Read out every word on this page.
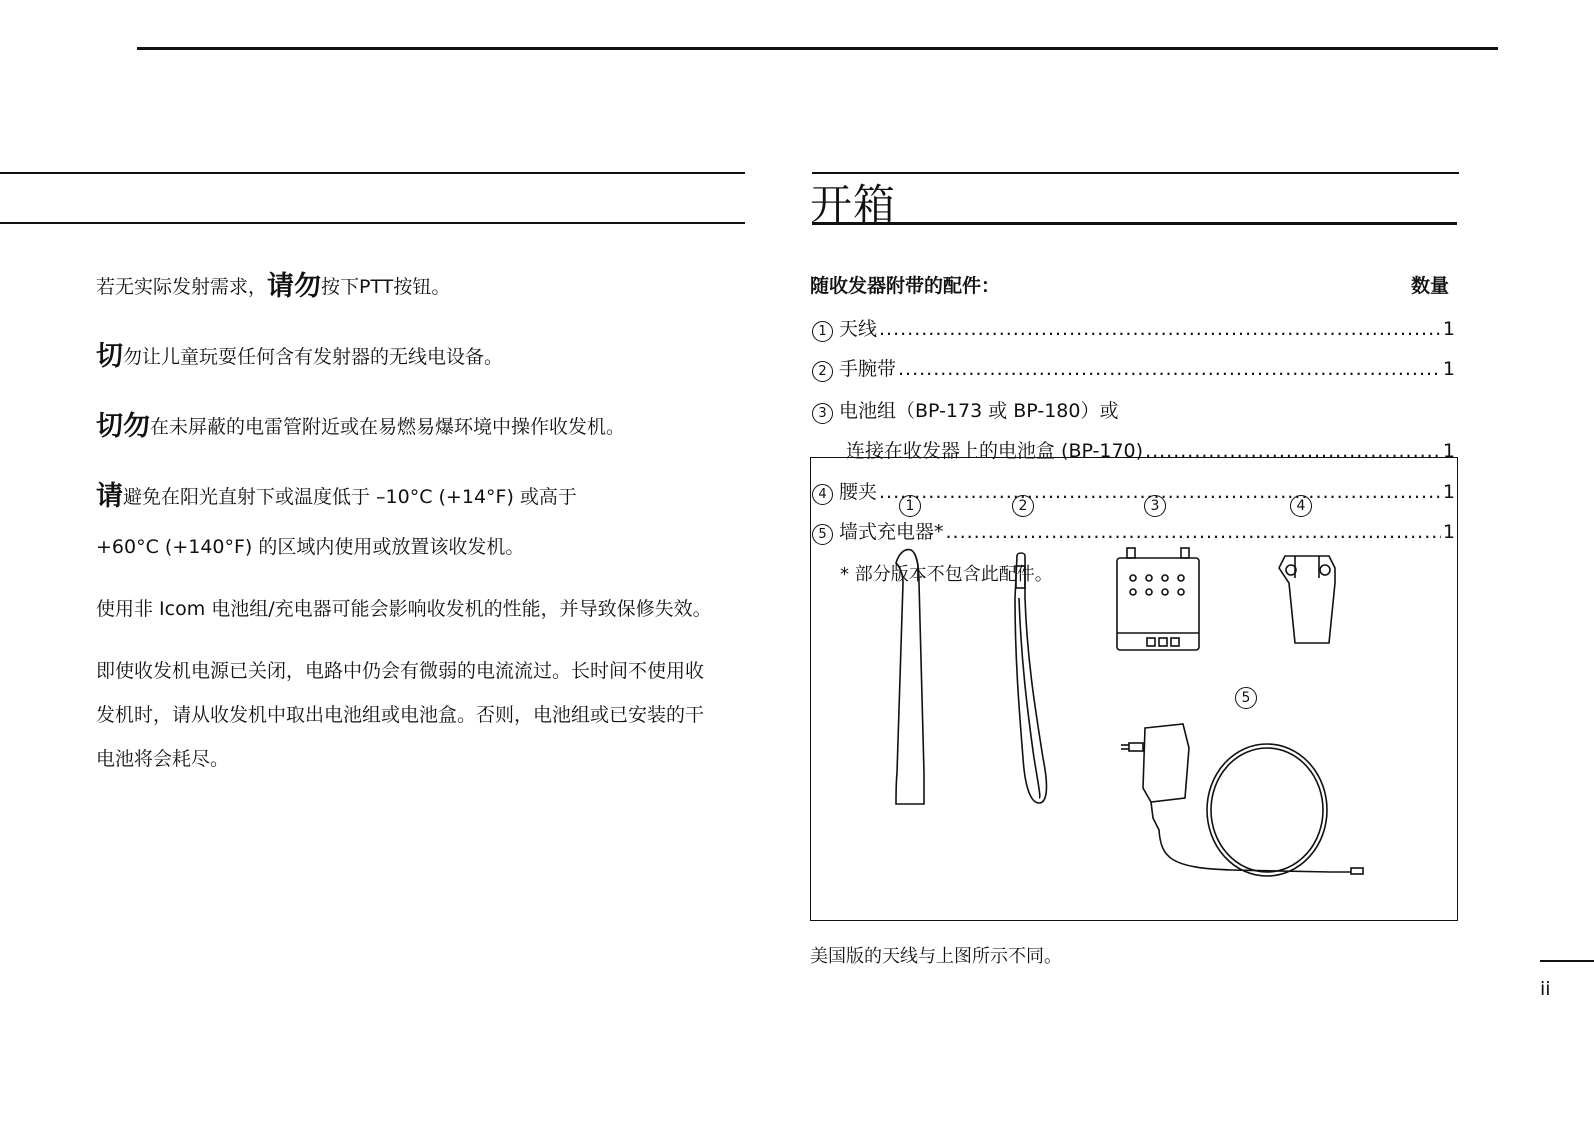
若无实际发射需求，请勿按下PTT按钮。
切勿让儿童玩耍任何含有发射器的无线电设备。
切勿在未屏蔽的电雷管附近或在易燃易爆环境中操作收发机。
请避免在阳光直射下或温度低于 –10°C (+14°F) 或高于
+60°C (+140°F) 的区域内使用或放置该收发机。
使用非 Icom 电池组/充电器可能会影响收发机的性能，并导致保修失效。
即使收发机电源已关闭，电路中仍会有微弱的电流流过。长时间不使用收
发机时，请从收发机中取出电池组或电池盒。否则，电池组或已安装的干
电池将会耗尽。
开箱
随收发器附带的配件：	数量
1	2	3	4
5
1 天线 .....	1
2 手腕带 .....	1
3 电池组（BP-173 或 BP-180）或
连接在收发器上的电池盒 (BP-170) .....	1
4 腰夹 .....	1
5 墙式充电器* .....	1
* 部分版本不包含此配件。
美国版的天线与上图所示不同。
ii
